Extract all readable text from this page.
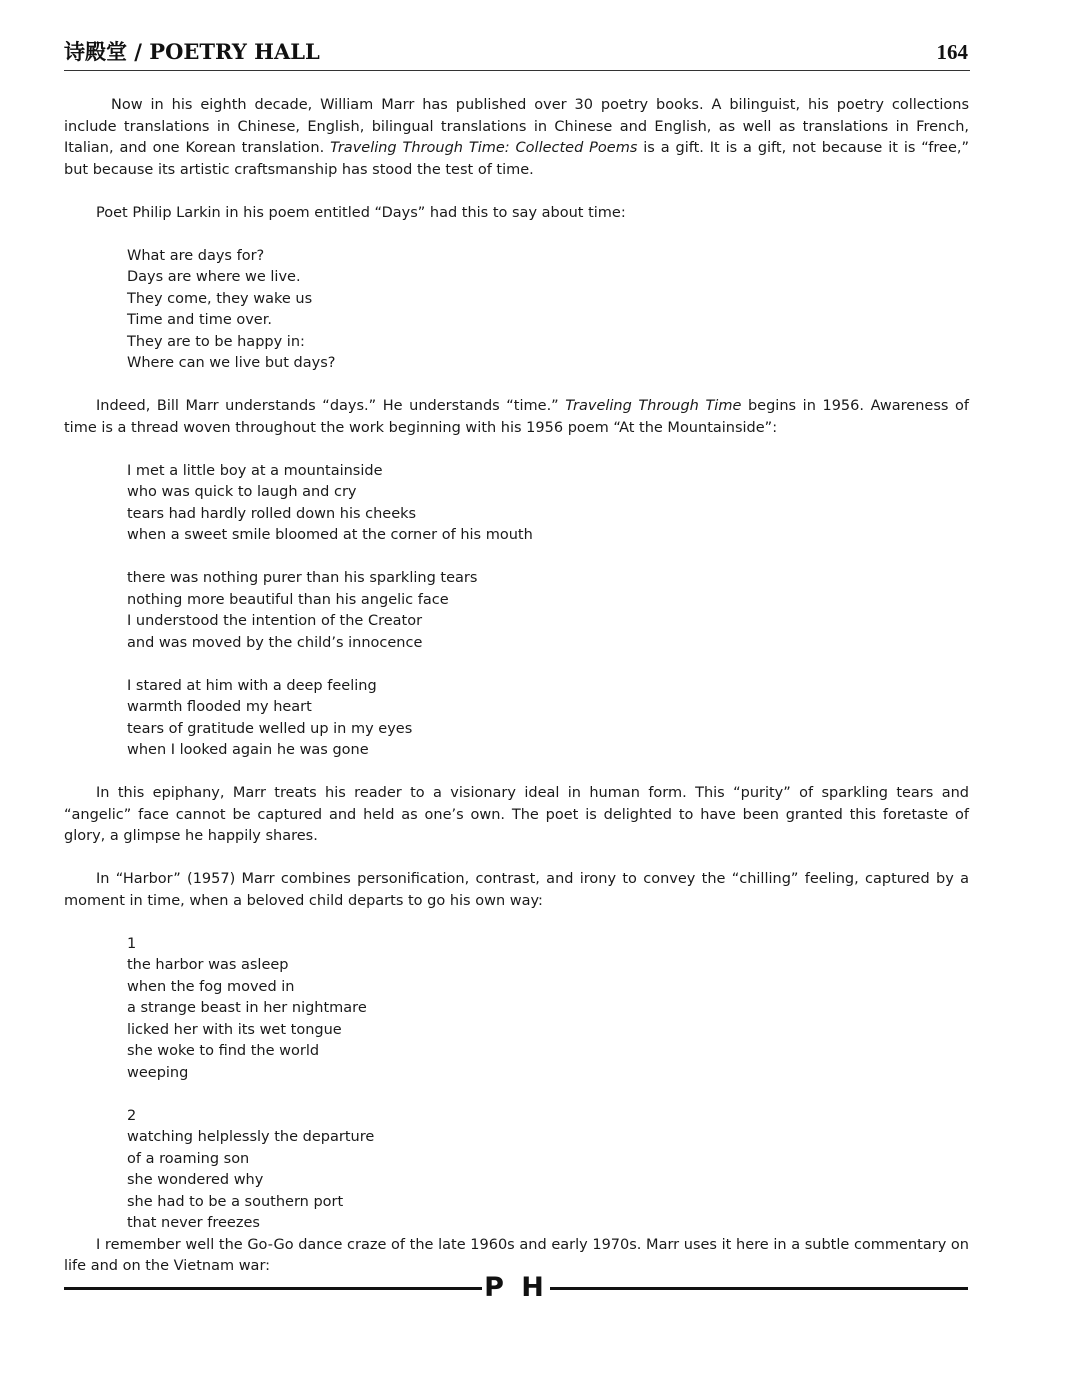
诗殿堂 / POETRY HALL	164

Now in his eighth decade, William Marr has published over 30 poetry books. A bilinguist, his poetry collections include translations in Chinese, English, bilingual translations in Chinese and English, as well as translations in French, Italian, and one Korean translation. Traveling Through Time: Collected Poems is a gift. It is a gift, not because it is “free,” but because its artistic craftsmanship has stood the test of time.

Poet Philip Larkin in his poem entitled “Days” had this to say about time:

What are days for?
Days are where we live.
They come, they wake us
Time and time over.
They are to be happy in:
Where can we live but days?

Indeed, Bill Marr understands “days.” He understands “time.” Traveling Through Time begins in 1956. Awareness of time is a thread woven throughout the work beginning with his 1956 poem “At the Mountainside”:

I met a little boy at a mountainside
who was quick to laugh and cry
tears had hardly rolled down his cheeks
when a sweet smile bloomed at the corner of his mouth
there was nothing purer than his sparkling tears
nothing more beautiful than his angelic face
I understood the intention of the Creator
and was moved by the child’s innocence
I stared at him with a deep feeling
warmth flooded my heart
tears of gratitude welled up in my eyes
when I looked again he was gone

In this epiphany, Marr treats his reader to a visionary ideal in human form. This “purity” of sparkling tears and “angelic” face cannot be captured and held as one’s own. The poet is delighted to have been granted this foretaste of glory, a glimpse he happily shares.

In “Harbor” (1957) Marr combines personification, contrast, and irony to convey the “chilling” feeling, captured by a moment in time, when a beloved child departs to go his own way:

1
the harbor was asleep
when the fog moved in
a strange beast in her nightmare
licked her with its wet tongue
she woke to find the world
weeping
2
watching helplessly the departure
of a roaming son
she wondered why
she had to be a southern port
that never freezes

I remember well the Go-Go dance craze of the late 1960s and early 1970s. Marr uses it here in a subtle commentary on life and on the Vietnam war:

P H
